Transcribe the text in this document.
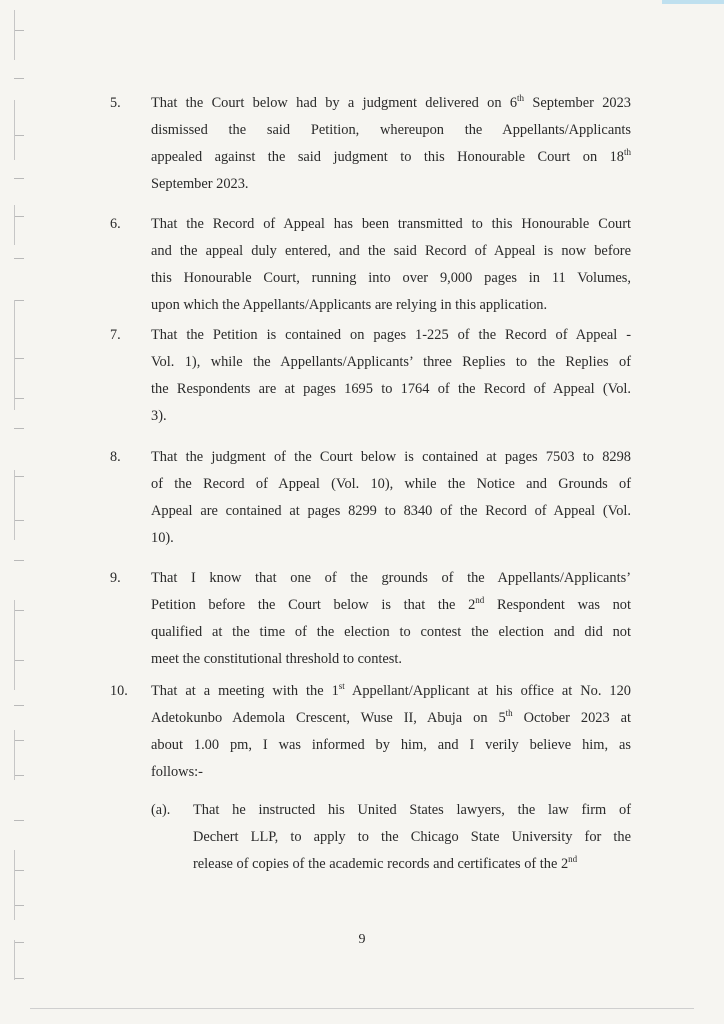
5. That the Court below had by a judgment delivered on 6th September 2023
dismissed the said Petition, whereupon the Appellants/Applicants
appealed against the said judgment to this Honourable Court on 18th
September 2023.
6. That the Record of Appeal has been transmitted to this Honourable Court
and the appeal duly entered, and the said Record of Appeal is now before
this Honourable Court, running into over 9,000 pages in 11 Volumes,
upon which the Appellants/Applicants are relying in this application.
7. That the Petition is contained on pages 1-225 of the Record of Appeal -
Vol. 1), while the Appellants/Applicants’ three Replies to the Replies of
the Respondents are at pages 1695 to 1764 of the Record of Appeal (Vol.
3).
8. That the judgment of the Court below is contained at pages 7503 to 8298
of the Record of Appeal (Vol. 10), while the Notice and Grounds of
Appeal are contained at pages 8299 to 8340 of the Record of Appeal (Vol.
10).
9. That I know that one of the grounds of the Appellants/Applicants’
Petition before the Court below is that the 2nd Respondent was not
qualified at the time of the election to contest the election and did not
meet the constitutional threshold to contest.
10. That at a meeting with the 1st Appellant/Applicant at his office at No. 120
Adetokunbo Ademola Crescent, Wuse II, Abuja on 5th October 2023 at
about 1.00 pm, I was informed by him, and I verily believe him, as
follows:-
(a). That he instructed his United States lawyers, the law firm of
Dechert LLP, to apply to the Chicago State University for the
release of copies of the academic records and certificates of the 2nd
9
